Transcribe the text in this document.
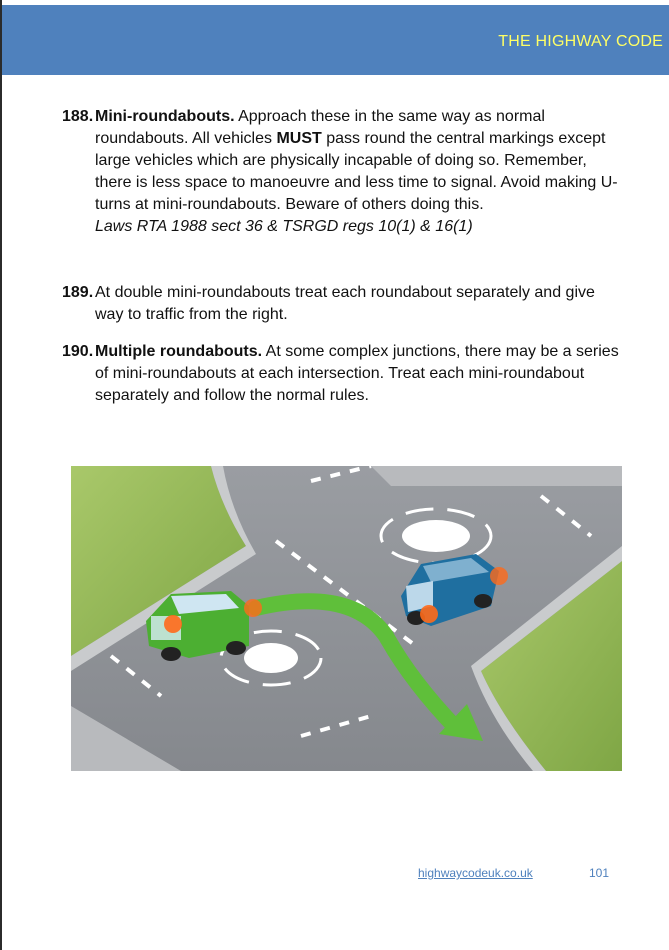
THE HIGHWAY CODE

188. Mini-roundabouts. Approach these in the same way as normal roundabouts. All vehicles MUST pass round the central markings except large vehicles which are physically incapable of doing so. Remember, there is less space to manoeuvre and less time to signal. Avoid making U-turns at mini-roundabouts. Beware of others doing this.

Laws RTA 1988 sect 36 & TSRGD regs 10(1) & 16(1)

189. At double mini-roundabouts treat each roundabout separately and give way to traffic from the right.

190. Multiple roundabouts. At some complex junctions, there may be a series of mini-roundabouts at each intersection. Treat each mini-roundabout separately and follow the normal rules.

highwaycodeuk.co.uk	101
